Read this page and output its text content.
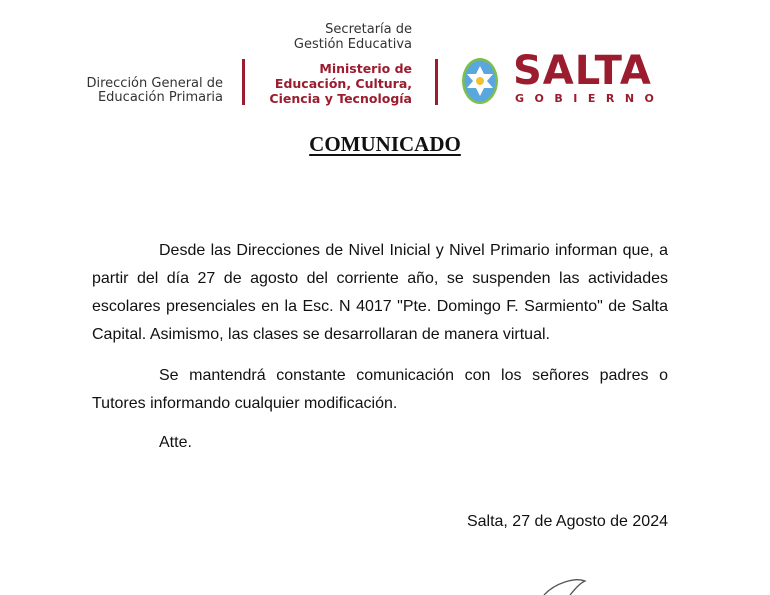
Dirección General de
Educación Primaria
Secretaría de
Gestión Educativa
Ministerio de
Educación, Cultura,
Ciencia y Tecnología
SALTA
GOBIERNO
COMUNICADO
Desde las Direcciones de Nivel Inicial y Nivel Primario informan que, a partir del día 27 de agosto del corriente año, se suspenden las actividades escolares presenciales en la Esc. N 4017 "Pte. Domingo F. Sarmiento" de Salta Capital. Asimismo, las clases se desarrollaran de manera virtual.
Se mantendrá constante comunicación con los señores padres o Tutores informando cualquier modificación.
Atte.
Salta, 27 de Agosto de 2024
